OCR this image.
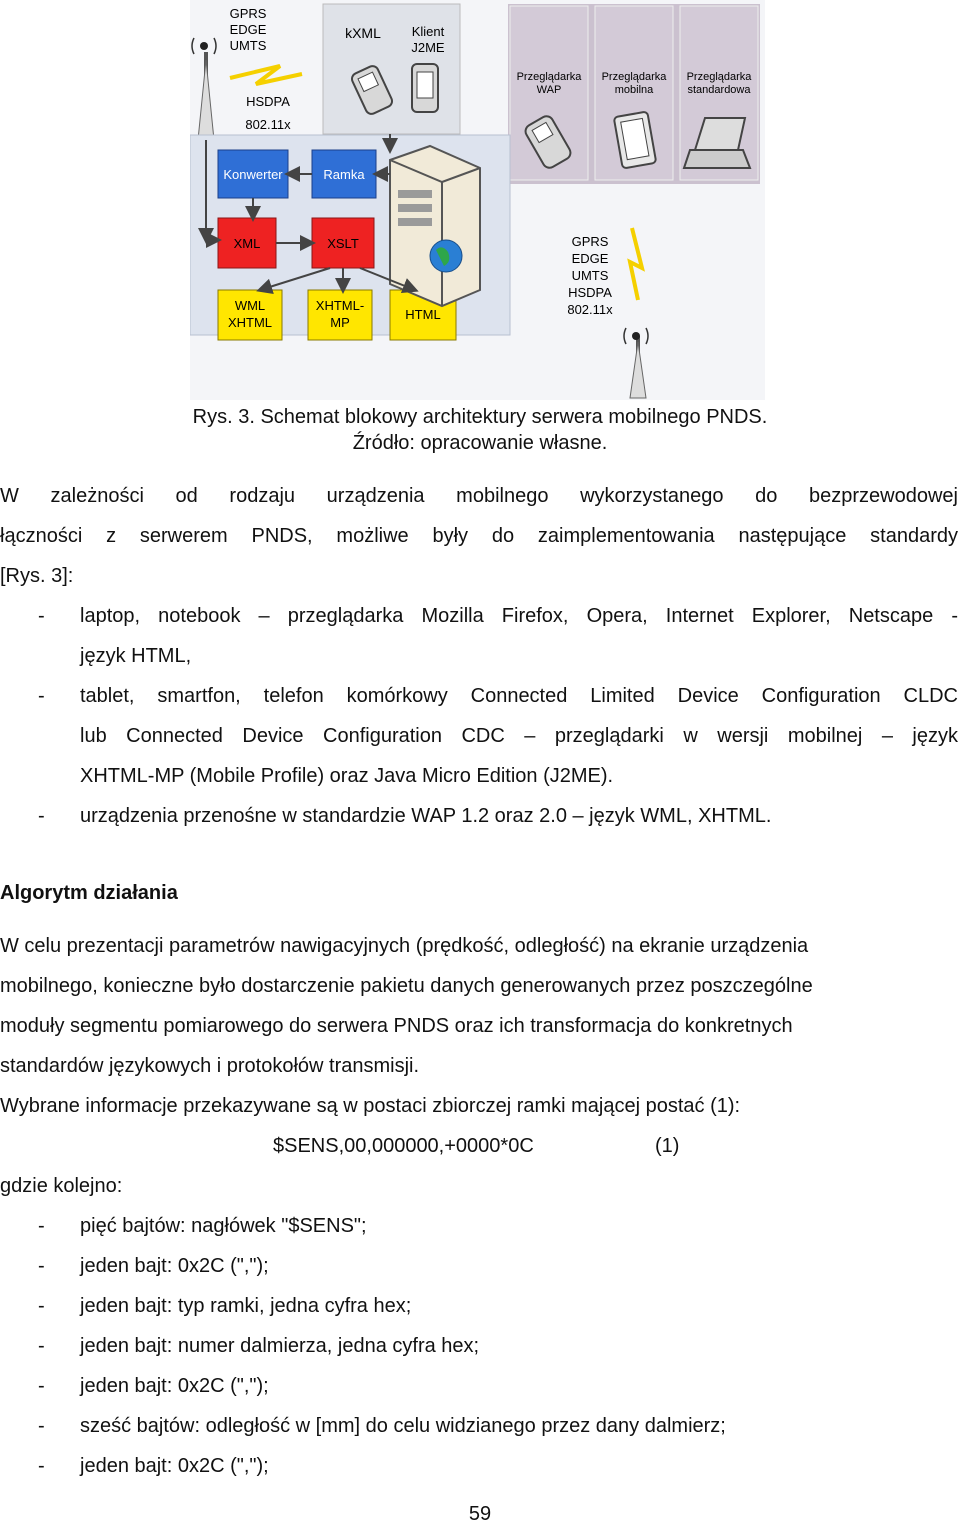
GPRS
EDGE
UMTS
HSDPA
802.11x
kXML Klient
J2ME
Przeglądarka
WAP
Przeglądarka
mobilna
Przeglądarka
standardowa
Konwerter	Ramka
XML	XSLT
WML
XHTML
XHTML-
MP
HTML
GPRS
EDGE
UMTS
HSDPA
802.11x
Rys. 3. Schemat blokowy architektury serwera mobilnego PNDS.
Źródło: opracowanie własne.
W zależności od rodzaju urządzenia mobilnego wykorzystanego do bezprzewodowej
łączności z serwerem PNDS, możliwe były do zaimplementowania następujące standardy
[Rys. 3]:
- laptop, notebook – przeglądarka Mozilla Firefox, Opera, Internet Explorer, Netscape -
język HTML,
- tablet, smartfon, telefon komórkowy Connected Limited Device Configuration CLDC
lub Connected Device Configuration CDC – przeglądarki w wersji mobilnej – język
XHTML-MP (Mobile Profile) oraz Java Micro Edition (J2ME).
- urządzenia przenośne w standardzie WAP 1.2 oraz 2.0 – język WML, XHTML.
Algorytm działania
W celu prezentacji parametrów nawigacyjnych (prędkość, odległość) na ekranie urządzenia
mobilnego, konieczne było dostarczenie pakietu danych generowanych przez poszczególne
moduły segmentu pomiarowego do serwera PNDS oraz ich transformacja do konkretnych
standardów językowych i protokołów transmisji.
Wybrane informacje przekazywane są w postaci zbiorczej ramki mającej postać (1):
$SENS,00,000000,+0000*0C	(1)
gdzie kolejno:
- pięć bajtów: nagłówek "$SENS";
- jeden bajt: 0x2C (",");
- jeden bajt: typ ramki, jedna cyfra hex;
- jeden bajt: numer dalmierza, jedna cyfra hex;
- jeden bajt: 0x2C (",");
- sześć bajtów: odległość w [mm] do celu widzianego przez dany dalmierz;
- jeden bajt: 0x2C (",");
59
